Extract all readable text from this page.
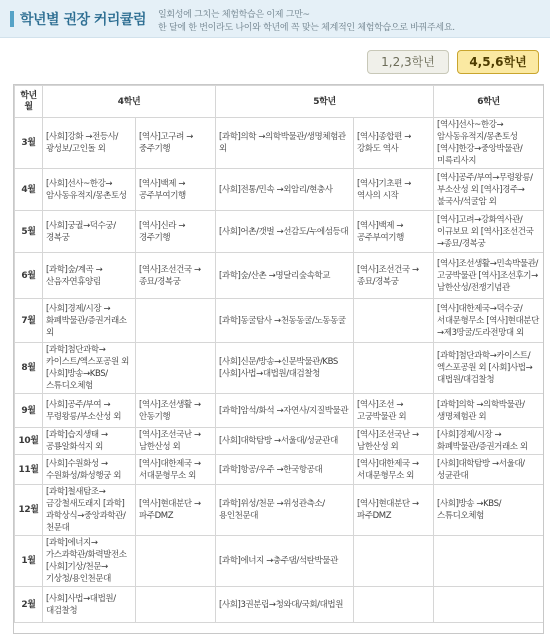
학년별 권장 커리큘럼 일회성에 그치는 체험학습은 이제 그만~
한 달에 한 번이라도 나이와 학년에 꼭 맞는 체계적인 체험학습으로 바꿔주세요.
1,2,3학년	4,5,6학년
학년
월	4학년		5학년		6학년
3월	[사회]강화 →전등사/광성보/고인돌 외	[역사]고구려 →중주기행	[과학]의학 →의학박물관/생명체험관 외	[역사]종합편 →강화도 역사	[역사]선사~한강→암사동유적지/몽촌토성 [역사]한강→중앙박물관/미륵리사지
4월	[사회]선사~한강→암사동유적지/몽촌토성	[역사]백제 →공주부여기행	[사회]전통/민속 →외암리/현충사	[역사]기초편 →역사의 시작	[역사]공주/부여→무령왕릉/부소산성 외 [역사]경주→불국사/석굴암 외
5월	[사회]궁궐→덕수궁/경복궁	[역사]신라 →경주기행	[사회]어촌/갯벌 →선감도/누에섬등대	[역사]백제 →공주부여기행	[역사]고려→강화역사관/이규보묘 외 [역사]조선건국 →종묘/경복궁
6월	[과학]숲/계곡 →산음자연휴양림	[역사]조선건국 →종묘/경복궁	[과학]숲/산촌 →명달리숲속학교	[역사]조선건국 →종묘/경복궁	[역사]조선생활→민속박물관/고궁박물관 [역사]조선후기→남한산성/전쟁기념관
7월	[사회]경제/시장 →화폐박물관/증권거래소 외		[과학]동굴탐사 →천동동굴/노동동굴		[역사]대한제국→덕수궁/서대문형무소 [역사]현대분단→제3땅굴/도라전망대 외
8월	[과학]첨단과학→카이스트/엑스포공원 외 [사회]방송→KBS/스튜디오체험		[사회]신문/방송→신문박물관/KBS [사회]사법→대법원/대검찰청		[과학]첨단과학→카이스트/엑스포공원 외 [사회]사법→대법원/대검찰청
9월	[사회]공주/부여 →무령왕릉/부소산성 외	[역사]조선생활 →안동기행	[과학]암석/화석 →자연사/지질박물관	[역사]조선 →고궁박물관 외	[과학]의학 →의학박물관/생명체험관 외
10월	[과학]습지생태 →공룡알화석지 외	[역사]조선국난 →남한산성 외	[사회]대학탐방 →서울대/성균관대	[역사]조선국난 →남한산성 외	[사회]경제/시장 →화폐박물관/증권거래소 외
11월	[사회]수원화성 →수원화성/화성행궁 외	[역사]대한제국 →서대문형무소 외	[과학]항공/우주 →한국항공대	[역사]대한제국 →서대문형무소 외	[사회]대학탐방 →서울대/성균관대
12월	[과학]철새탐조→금강철새도래지 [과학]과학상식→중앙과학관/천문대	[역사]현대분단 →파주DMZ	[과학]위성/천문 →위성관측소/용인천문대	[역사]현대분단 →파주DMZ	[사회]방송 →KBS/스튜디오체험
1월	[과학]에너지→가스과학관/화력발전소 [사회]기상/천문→기상청/용인천문대		[과학]에너지 →충주댐/석탄박물관		
2월	[사회]사법→대법원/대검찰청		[사회]3권분립→청와대/국회/대법원		
